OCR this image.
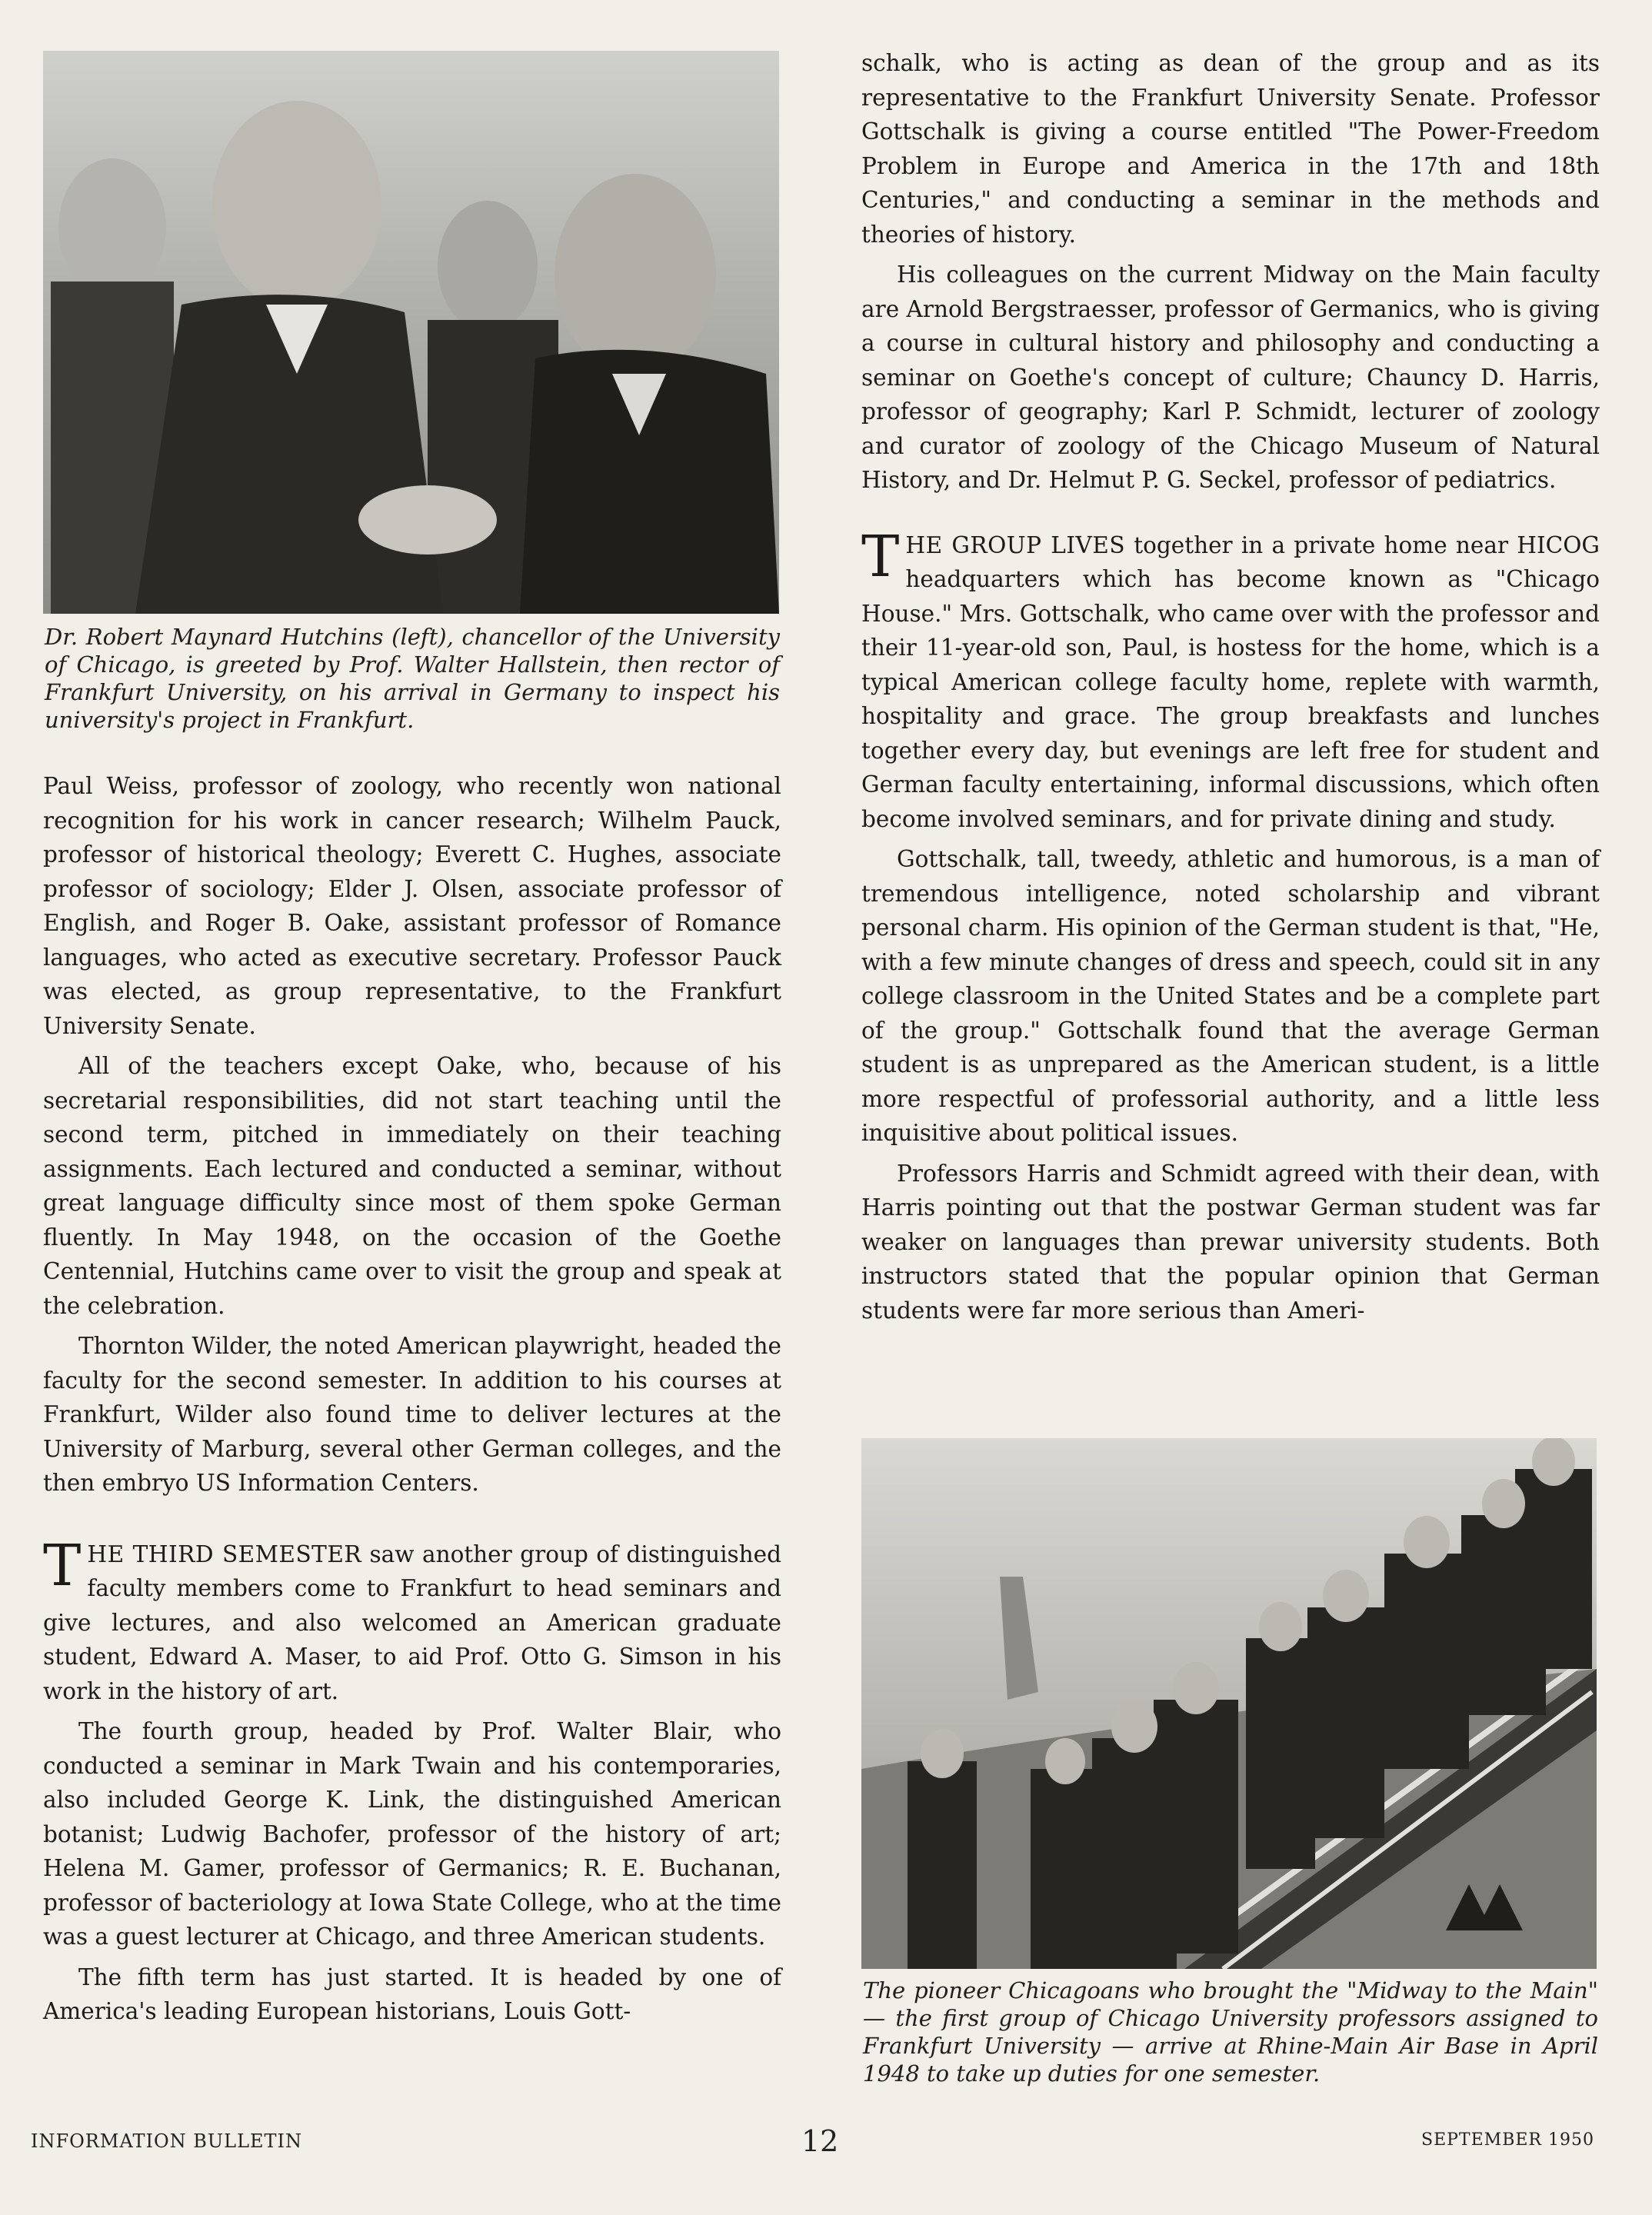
Dr. Robert Maynard Hutchins (left), chancellor of the University of Chicago, is greeted by Prof. Walter Hallstein, then rector of Frankfurt University, on his arrival in Germany to inspect his university's project in Frankfurt.

Paul Weiss, professor of zoology, who recently won national recognition for his work in cancer research; Wilhelm Pauck, professor of historical theology; Everett C. Hughes, associate professor of sociology; Elder J. Olsen, associate professor of English, and Roger B. Oake, assistant professor of Romance languages, who acted as executive secretary. Professor Pauck was elected, as group representative, to the Frankfurt University Senate.

All of the teachers except Oake, who, because of his secretarial responsibilities, did not start teaching until the second term, pitched in immediately on their teaching assignments. Each lectured and conducted a seminar, without great language difficulty since most of them spoke German fluently. In May 1948, on the occasion of the Goethe Centennial, Hutchins came over to visit the group and speak at the celebration.

Thornton Wilder, the noted American playwright, headed the faculty for the second semester. In addition to his courses at Frankfurt, Wilder also found time to deliver lectures at the University of Marburg, several other German colleges, and the then embryo US Information Centers.

THE THIRD SEMESTER saw another group of distinguished faculty members come to Frankfurt to head seminars and give lectures, and also welcomed an American graduate student, Edward A. Maser, to aid Prof. Otto G. Simson in his work in the history of art.

The fourth group, headed by Prof. Walter Blair, who conducted a seminar in Mark Twain and his contemporaries, also included George K. Link, the distinguished American botanist; Ludwig Bachofer, professor of the history of art; Helena M. Gamer, professor of Germanics; R. E. Buchanan, professor of bacteriology at Iowa State College, who at the time was a guest lecturer at Chicago, and three American students.

The fifth term has just started. It is headed by one of America's leading European historians, Louis Gott-

schalk, who is acting as dean of the group and as its representative to the Frankfurt University Senate. Professor Gottschalk is giving a course entitled "The Power-Freedom Problem in Europe and America in the 17th and 18th Centuries," and conducting a seminar in the methods and theories of history.

His colleagues on the current Midway on the Main faculty are Arnold Bergstraesser, professor of Germanics, who is giving a course in cultural history and philosophy and conducting a seminar on Goethe's concept of culture; Chauncy D. Harris, professor of geography; Karl P. Schmidt, lecturer of zoology and curator of zoology of the Chicago Museum of Natural History, and Dr. Helmut P. G. Seckel, professor of pediatrics.

THE GROUP LIVES together in a private home near HICOG headquarters which has become known as "Chicago House." Mrs. Gottschalk, who came over with the professor and their 11-year-old son, Paul, is hostess for the home, which is a typical American college faculty home, replete with warmth, hospitality and grace. The group breakfasts and lunches together every day, but evenings are left free for student and German faculty entertaining, informal discussions, which often become involved seminars, and for private dining and study.

Gottschalk, tall, tweedy, athletic and humorous, is a man of tremendous intelligence, noted scholarship and vibrant personal charm. His opinion of the German student is that, "He, with a few minute changes of dress and speech, could sit in any college classroom in the United States and be a complete part of the group." Gottschalk found that the average German student is as unprepared as the American student, is a little more respectful of professorial authority, and a little less inquisitive about political issues.

Professors Harris and Schmidt agreed with their dean, with Harris pointing out that the postwar German student was far weaker on languages than prewar university students. Both instructors stated that the popular opinion that German students were far more serious than Ameri-

The pioneer Chicagoans who brought the "Midway to the Main" — the first group of Chicago University professors assigned to Frankfurt University — arrive at Rhine-Main Air Base in April 1948 to take up duties for one semester.
INFORMATION BULLETIN	12	SEPTEMBER 1950
